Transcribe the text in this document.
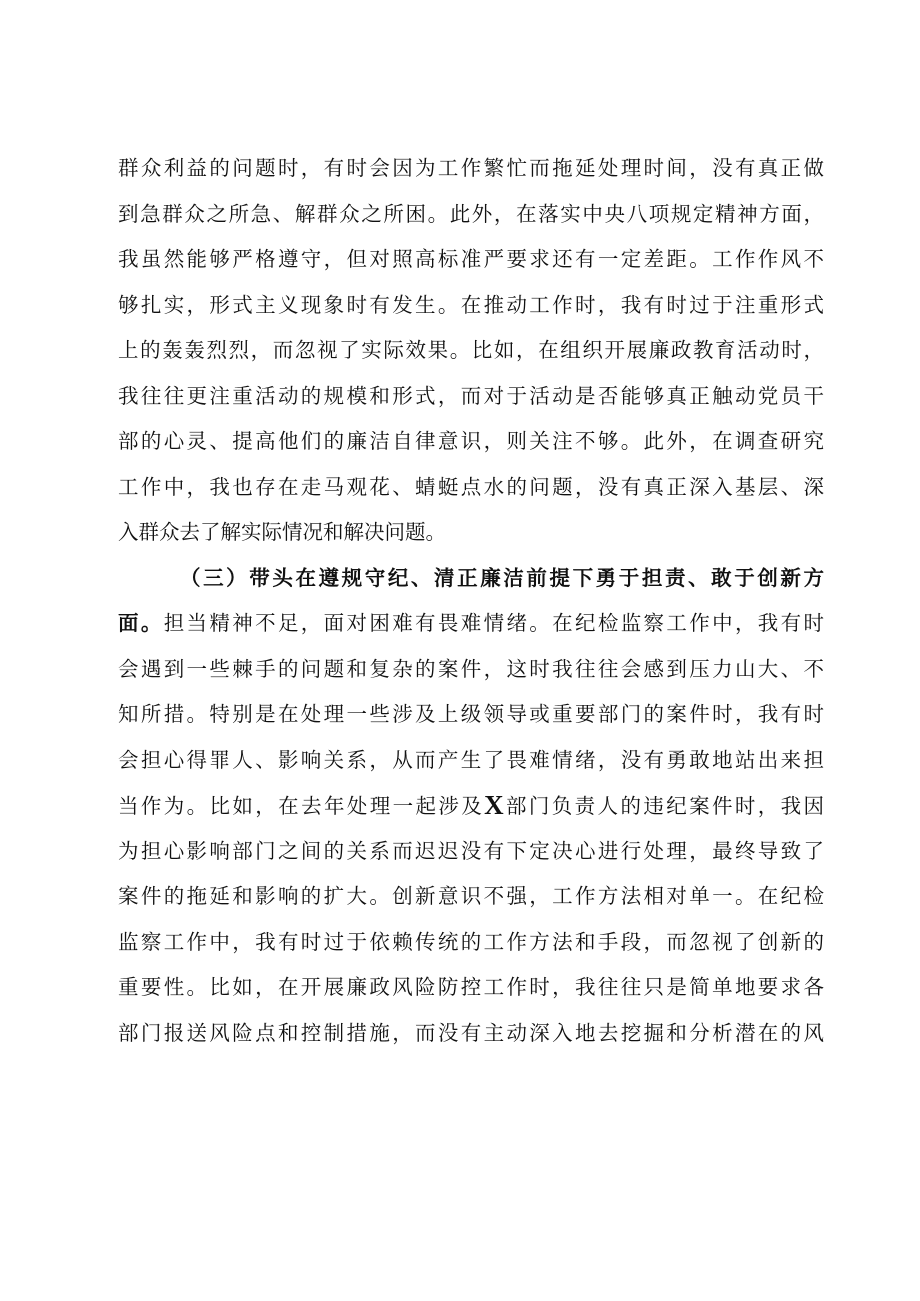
群众利益的问题时，有时会因为工作繁忙而拖延处理时间，没有真正做
到急群众之所急、解群众之所困。此外，在落实中央八项规定精神方面，
我虽然能够严格遵守，但对照高标准严要求还有一定差距。工作作风不
够扎实，形式主义现象时有发生。在推动工作时，我有时过于注重形式
上的轰轰烈烈，而忽视了实际效果。比如，在组织开展廉政教育活动时，
我往往更注重活动的规模和形式，而对于活动是否能够真正触动党员干
部的心灵、提高他们的廉洁自律意识，则关注不够。此外，在调查研究
工作中，我也存在走马观花、蜻蜓点水的问题，没有真正深入基层、深
入群众去了解实际情况和解决问题。
（三）带头在遵规守纪、清正廉洁前提下勇于担责、敢于创新方
面。担当精神不足，面对困难有畏难情绪。在纪检监察工作中，我有时
会遇到一些棘手的问题和复杂的案件，这时我往往会感到压力山大、不
知所措。特别是在处理一些涉及上级领导或重要部门的案件时，我有时
会担心得罪人、影响关系，从而产生了畏难情绪，没有勇敢地站出来担
当作为。比如，在去年处理一起涉及X部门负责人的违纪案件时，我因
为担心影响部门之间的关系而迟迟没有下定决心进行处理，最终导致了
案件的拖延和影响的扩大。创新意识不强，工作方法相对单一。在纪检
监察工作中，我有时过于依赖传统的工作方法和手段，而忽视了创新的
重要性。比如，在开展廉政风险防控工作时，我往往只是简单地要求各
部门报送风险点和控制措施，而没有主动深入地去挖掘和分析潜在的风
